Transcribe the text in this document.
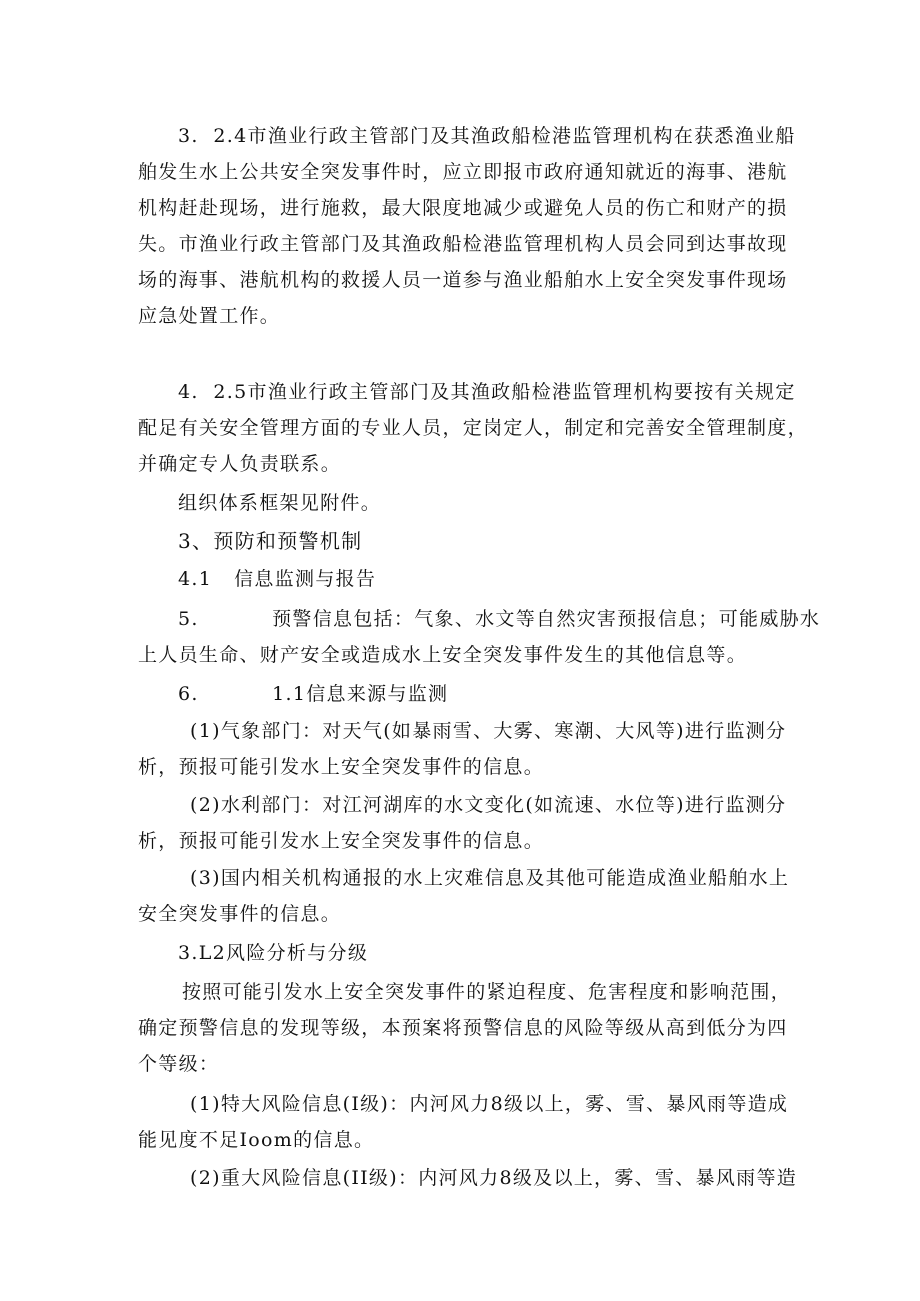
3.  2.4市渔业行政主管部门及其渔政船检港监管理机构在获悉渔业船
舶发生水上公共安全突发事件时，应立即报市政府通知就近的海事、港航
机构赶赴现场，进行施救，最大限度地减少或避免人员的伤亡和财产的损
失。市渔业行政主管部门及其渔政船检港监管理机构人员会同到达事故现
场的海事、港航机构的救援人员一道参与渔业船舶水上安全突发事件现场
应急处置工作。
4.  2.5市渔业行政主管部门及其渔政船检港监管理机构要按有关规定
配足有关安全管理方面的专业人员，定岗定人，制定和完善安全管理制度，
并确定专人负责联系。
组织体系框架见附件。
3、预防和预警机制
4.1   信息监测与报告
5.          预警信息包括：气象、水文等自然灾害预报信息；可能威胁水
上人员生命、财产安全或造成水上安全突发事件发生的其他信息等。
6.          1.1信息来源与监测
(1)气象部门：对天气(如暴雨雪、大雾、寒潮、大风等)进行监测分
析，预报可能引发水上安全突发事件的信息。
(2)水利部门：对江河湖库的水文变化(如流速、水位等)进行监测分
析，预报可能引发水上安全突发事件的信息。
(3)国内相关机构通报的水上灾难信息及其他可能造成渔业船舶水上
安全突发事件的信息。
3.L2风险分析与分级
按照可能引发水上安全突发事件的紧迫程度、危害程度和影响范围，
确定预警信息的发现等级，本预案将预警信息的风险等级从高到低分为四
个等级：
(1)特大风险信息(I级)：内河风力8级以上，雾、雪、暴风雨等造成
能见度不足Ioom的信息。
(2)重大风险信息(II级)：内河风力8级及以上，雾、雪、暴风雨等造
